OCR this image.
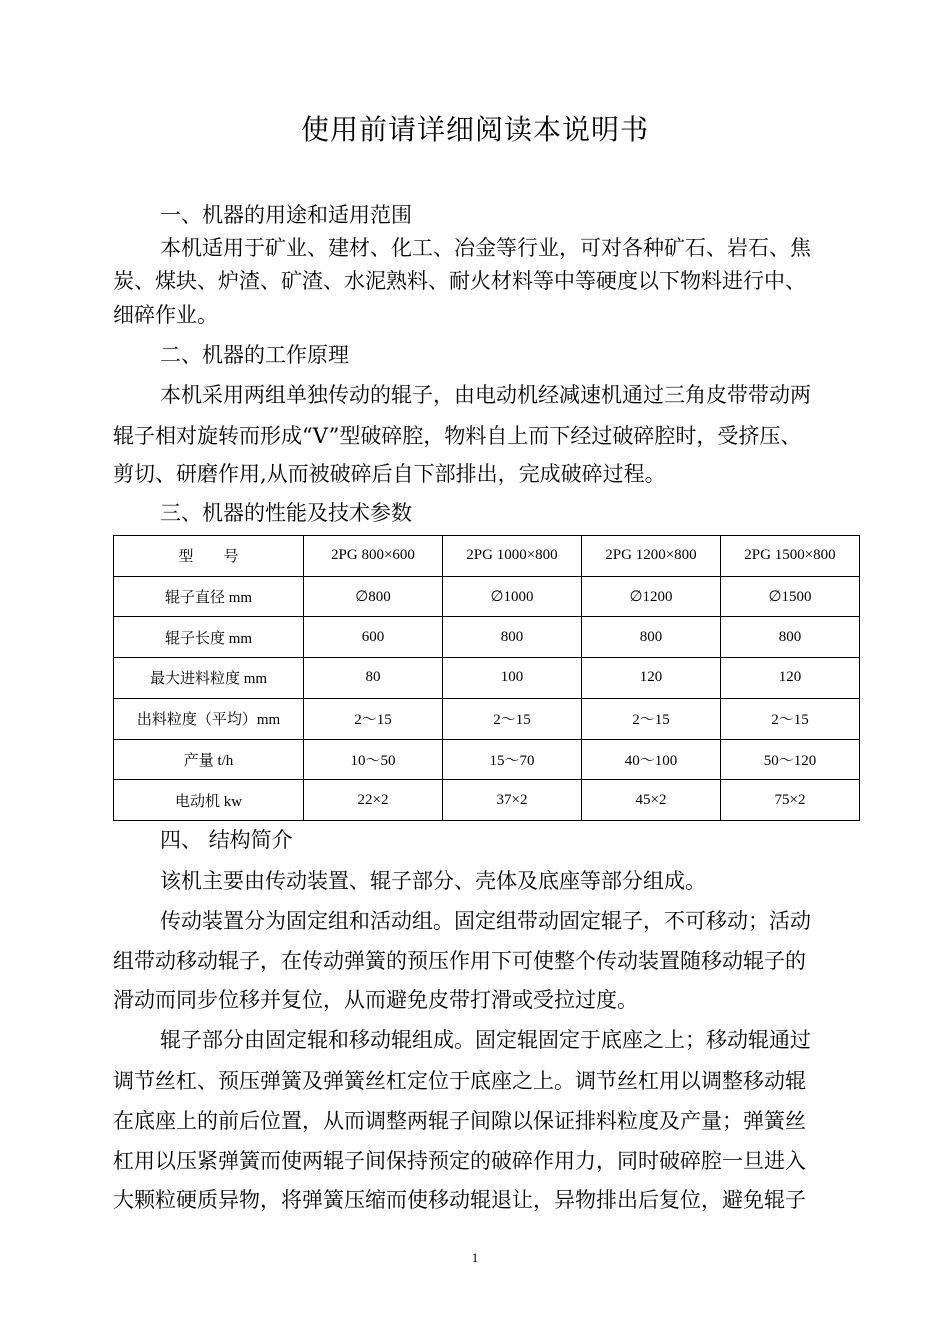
使用前请详细阅读本说明书
一、机器的用途和适用范围
本机适用于矿业、建材、化工、冶金等行业，可对各种矿石、岩石、焦
炭、煤块、炉渣、矿渣、水泥熟料、耐火材料等中等硬度以下物料进行中、
细碎作业。
二、机器的工作原理
本机采用两组单独传动的辊子，由电动机经减速机通过三角皮带带动两
辊子相对旋转而形成“V”型破碎腔，物料自上而下经过破碎腔时，受挤压、
剪切、研磨作用,从而被破碎后自下部排出，完成破碎过程。
三、机器的性能及技术参数
型　　号	2PG 800×600	2PG 1000×800	2PG 1200×800	2PG 1500×800
辊子直径 mm	∅800	∅1000	∅1200	∅1500
辊子长度 mm	600	800	800	800
最大进料粒度 mm	80	100	120	120
出料粒度（平均）mm	2～15	2～15	2～15	2～15
产量 t/h	10～50	15～70	40～100	50～120
电动机 kw	22×2	37×2	45×2	75×2
四、 结构简介
该机主要由传动装置、辊子部分、壳体及底座等部分组成。
传动装置分为固定组和活动组。固定组带动固定辊子，不可移动；活动
组带动移动辊子，在传动弹簧的预压作用下可使整个传动装置随移动辊子的
滑动而同步位移并复位，从而避免皮带打滑或受拉过度。
辊子部分由固定辊和移动辊组成。固定辊固定于底座之上；移动辊通过
调节丝杠、预压弹簧及弹簧丝杠定位于底座之上。调节丝杠用以调整移动辊
在底座上的前后位置，从而调整两辊子间隙以保证排料粒度及产量；弹簧丝
杠用以压紧弹簧而使两辊子间保持预定的破碎作用力，同时破碎腔一旦进入
大颗粒硬质异物，将弹簧压缩而使移动辊退让，异物排出后复位，避免辊子
1
